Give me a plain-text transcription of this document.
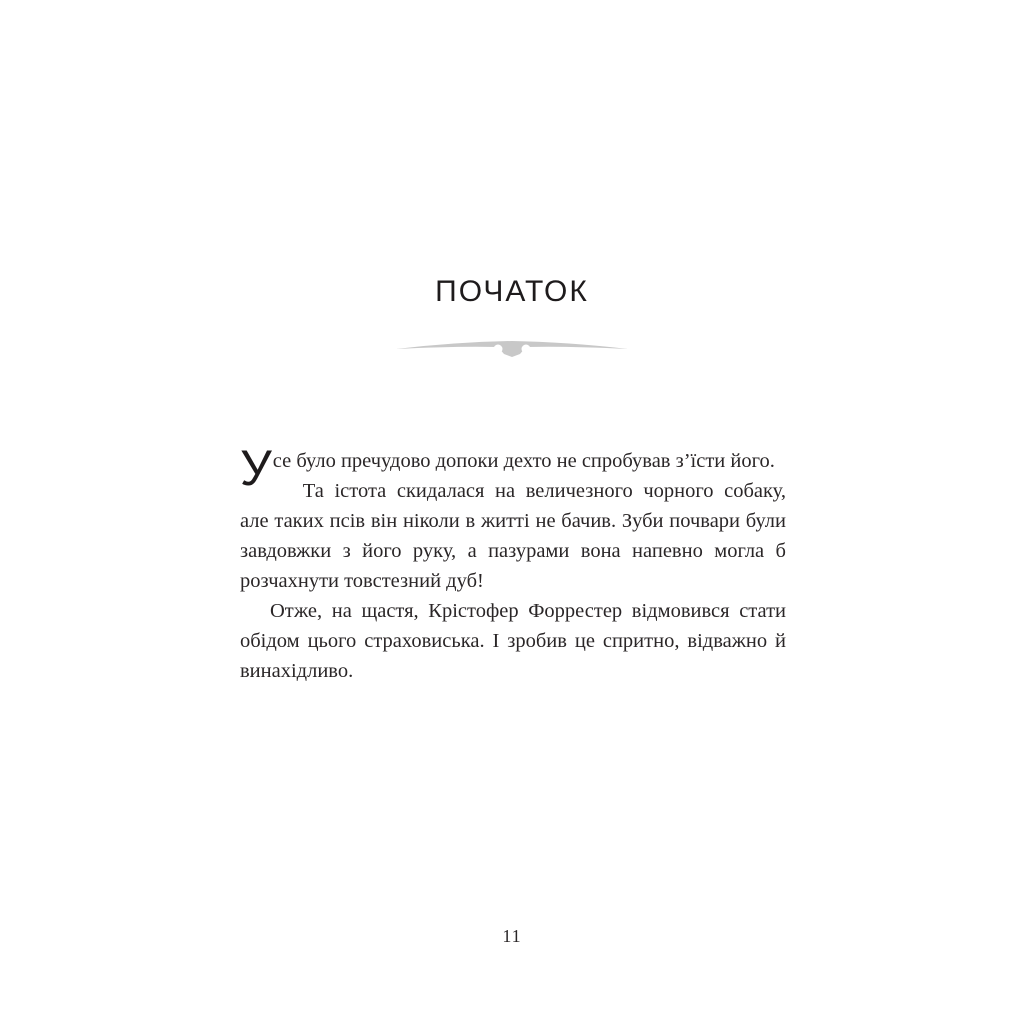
ПОЧАТОК

Усе було пречудово допоки дехто не спробував з’їсти його.

Та істота скидалася на величезного чорного собаку, але таких псів він ніколи в житті не бачив. Зуби почвари були завдовжки з його руку, а пазурами вона напевно могла б розчахнути товстезний дуб!

Отже, на щастя, Крістофер Форрестер відмовився стати обідом цього страховиська. І зробив це спритно, відважно й винахідливо.

11
